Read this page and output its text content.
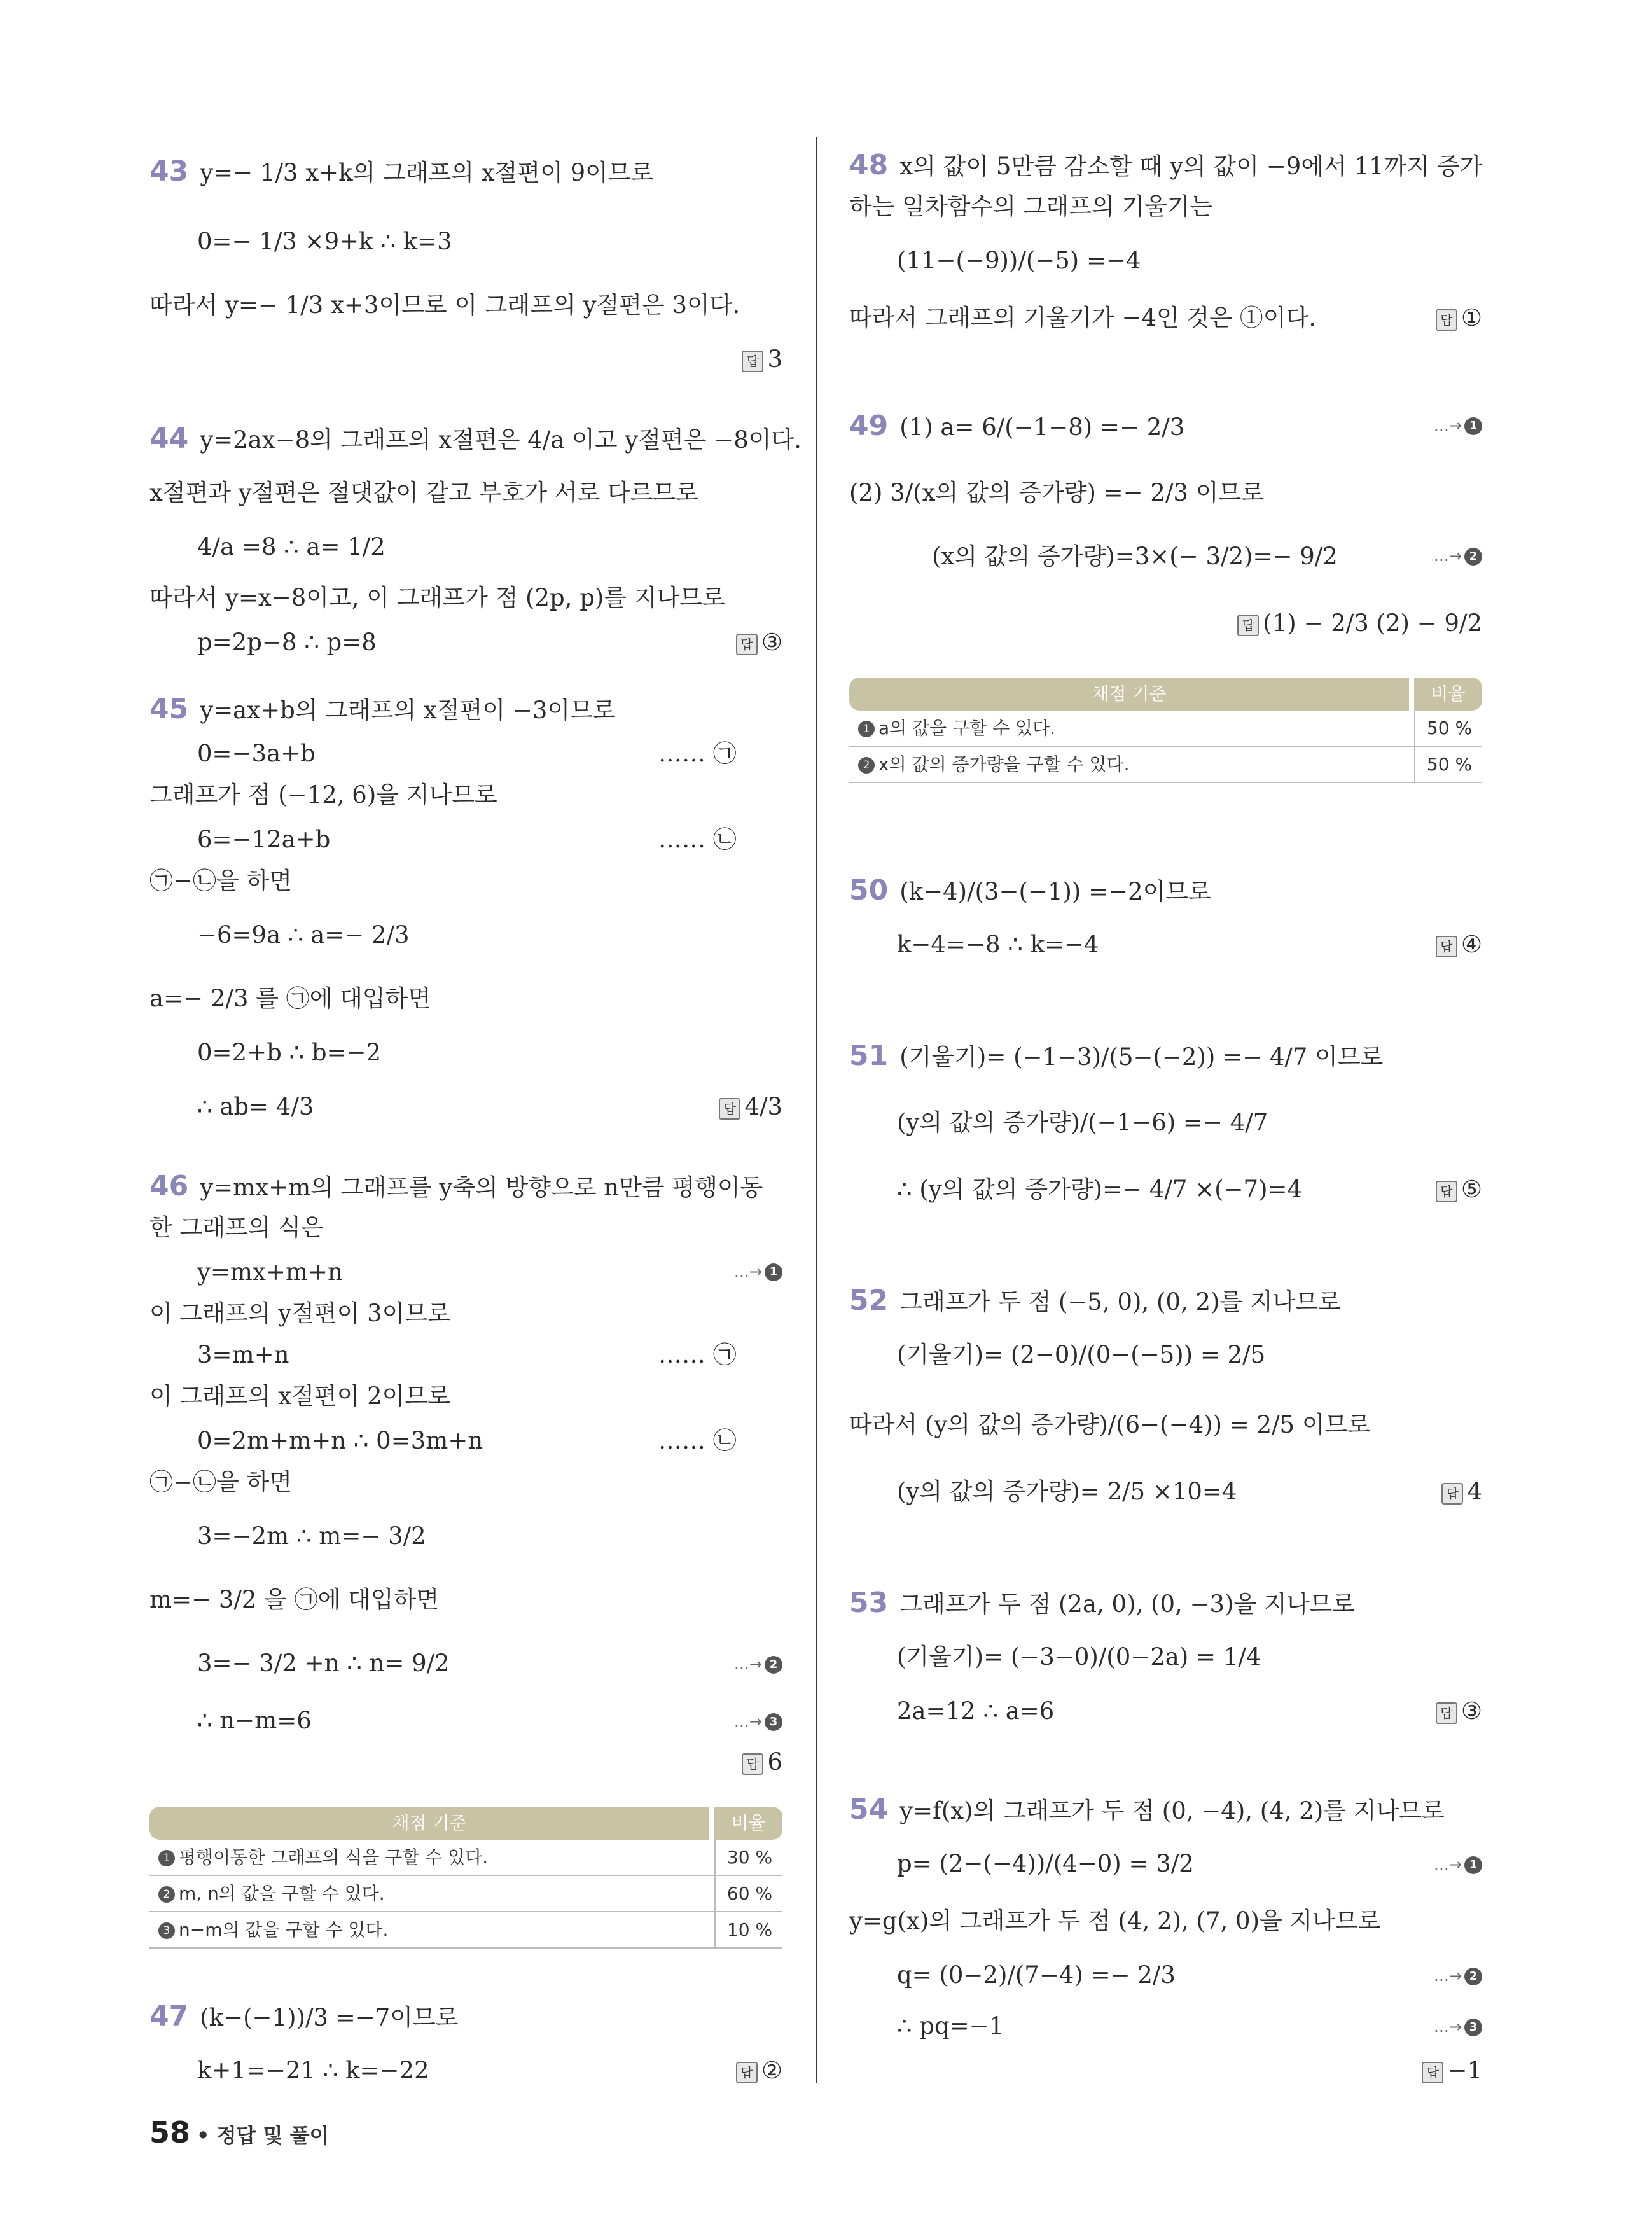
43 y=− 1/3 x+k의 그래프의 x절편이 9이므로
0=− 1/3 ×9+k ∴ k=3
따라서 y=− 1/3 x+3이므로 이 그래프의 y절편은 3이다.
답 3
44 y=2ax−8의 그래프의 x절편은 4/a 이고 y절편은 −8이다.
x절편과 y절편은 절댓값이 같고 부호가 서로 다르므로
4/a =8 ∴ a= 1/2
따라서 y=x−8이고, 이 그래프가 점 (2p, p)를 지나므로
p=2p−8 ∴ p=8	답 ③
45 y=ax+b의 그래프의 x절편이 −3이므로
0=−3a+b	…… ㉠
그래프가 점 (−12, 6)을 지나므로
6=−12a+b	…… ㉡
㉠−㉡을 하면
−6=9a ∴ a=− 2/3
a=− 2/3 를 ㉠에 대입하면
0=2+b ∴ b=−2
∴ ab= 4/3	답 4/3
46 y=mx+m의 그래프를 y축의 방향으로 n만큼 평행이동
한 그래프의 식은
y=mx+m+n	…→ 1
이 그래프의 y절편이 3이므로
3=m+n	…… ㉠
이 그래프의 x절편이 2이므로
0=2m+m+n ∴ 0=3m+n	…… ㉡
㉠−㉡을 하면
3=−2m ∴ m=− 3/2
m=− 3/2 을 ㉠에 대입하면
3=− 3/2 +n ∴ n= 9/2	…→ 2
∴ n−m=6	…→ 3
답 6
채점 기준	비율
1 평행이동한 그래프의 식을 구할 수 있다.	30 %
2 m, n의 값을 구할 수 있다.	60 %
3 n−m의 값을 구할 수 있다.	10 %
47 (k−(−1))/3 =−7이므로
k+1=−21 ∴ k=−22	답 ②
48 x의 값이 5만큼 감소할 때 y의 값이 −9에서 11까지 증가
하는 일차함수의 그래프의 기울기는
(11−(−9))/(−5) =−4
따라서 그래프의 기울기가 −4인 것은 ①이다.	답 ①
49 (1) a= 6/(−1−8) =− 2/3	…→ 1
(2) 3/(x의 값의 증가량) =− 2/3 이므로
(x의 값의 증가량)=3×(− 3/2)=− 9/2	…→ 2
답 (1) − 2/3 (2) − 9/2
채점 기준	비율
1 a의 값을 구할 수 있다.	50 %
2 x의 값의 증가량을 구할 수 있다.	50 %
50 (k−4)/(3−(−1)) =−2이므로
k−4=−8 ∴ k=−4	답 ④
51 (기울기)= (−1−3)/(5−(−2)) =− 4/7 이므로
(y의 값의 증가량)/(−1−6) =− 4/7
∴ (y의 값의 증가량)=− 4/7 ×(−7)=4	답 ⑤
52 그래프가 두 점 (−5, 0), (0, 2)를 지나므로
(기울기)= (2−0)/(0−(−5)) = 2/5
따라서 (y의 값의 증가량)/(6−(−4)) = 2/5 이므로
(y의 값의 증가량)= 2/5 ×10=4	답 4
53 그래프가 두 점 (2a, 0), (0, −3)을 지나므로
(기울기)= (−3−0)/(0−2a) = 1/4
2a=12 ∴ a=6	답 ③
54 y=f(x)의 그래프가 두 점 (0, −4), (4, 2)를 지나므로
p= (2−(−4))/(4−0) = 3/2	…→ 1
y=g(x)의 그래프가 두 점 (4, 2), (7, 0)을 지나므로
q= (0−2)/(7−4) =− 2/3	…→ 2
∴ pq=−1	…→ 3
답 −1
58 • 정답 및 풀이
